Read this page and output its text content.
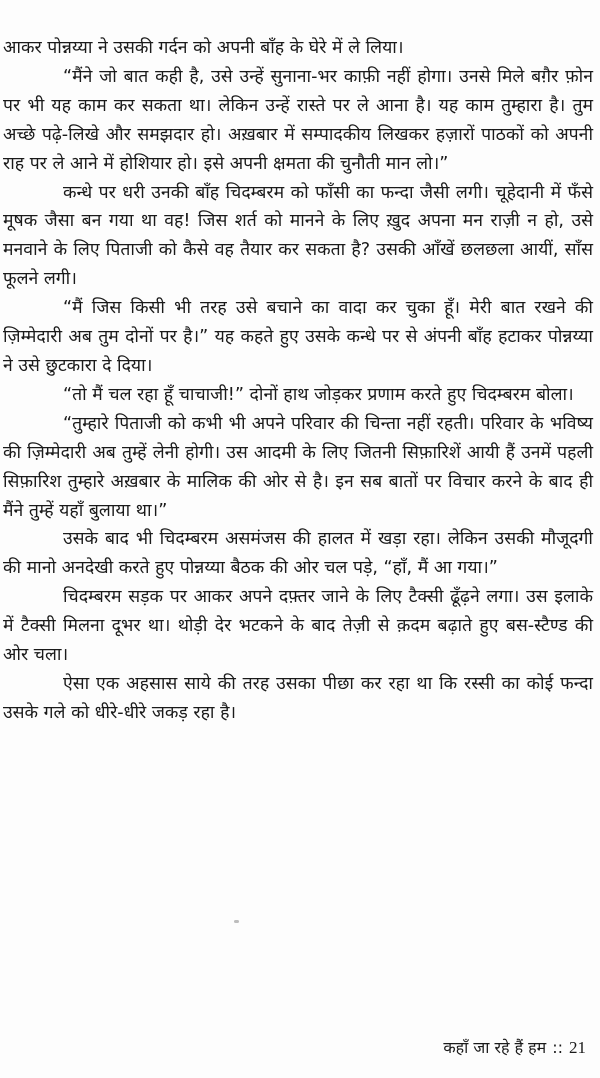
आकर पोन्नय्या ने उसकी गर्दन को अपनी बाँह के घेरे में ले लिया।

“मैंने जो बात कही है, उसे उन्हें सुनाना-भर काफ़ी नहीं होगा। उनसे मिले बग़ैर फ़ोन पर भी यह काम कर सकता था। लेकिन उन्हें रास्ते पर ले आना है। यह काम तुम्हारा है। तुम अच्छे पढ़े-लिखे और समझदार हो। अख़बार में सम्पादकीय लिखकर हज़ारों पाठकों को अपनी राह पर ले आने में होशियार हो। इसे अपनी क्षमता की चुनौती मान लो।”

कन्धे पर धरी उनकी बाँह चिदम्बरम को फाँसी का फन्दा जैसी लगी। चूहेदानी में फँसे मूषक जैसा बन गया था वह! जिस शर्त को मानने के लिए ख़ुद अपना मन राज़ी न हो, उसे मनवाने के लिए पिताजी को कैसे वह तैयार कर सकता है? उसकी आँखें छलछला आयीं, साँस फूलने लगी।

“मैं जिस किसी भी तरह उसे बचाने का वादा कर चुका हूँ। मेरी बात रखने की ज़िम्मेदारी अब तुम दोनों पर है।” यह कहते हुए उसके कन्धे पर से अंपनी बाँह हटाकर पोन्नय्या ने उसे छुटकारा दे दिया।

“तो मैं चल रहा हूँ चाचाजी!” दोनों हाथ जोड़कर प्रणाम करते हुए चिदम्बरम बोला।

“तुम्हारे पिताजी को कभी भी अपने परिवार की चिन्ता नहीं रहती। परिवार के भविष्य की ज़िम्मेदारी अब तुम्हें लेनी होगी। उस आदमी के लिए जितनी सिफ़ारिशें आयी हैं उनमें पहली सिफ़ारिश तुम्हारे अख़बार के मालिक की ओर से है। इन सब बातों पर विचार करने के बाद ही मैंने तुम्हें यहाँ बुलाया था।”

उसके बाद भी चिदम्बरम असमंजस की हालत में खड़ा रहा। लेकिन उसकी मौजूदगी की मानो अनदेखी करते हुए पोन्नय्या बैठक की ओर चल पड़े, “हाँ, मैं आ गया।”

चिदम्बरम सड़क पर आकर अपने दफ़्तर जाने के लिए टैक्सी ढूँढ़ने लगा। उस इलाके में टैक्सी मिलना दूभर था। थोड़ी देर भटकने के बाद तेज़ी से क़दम बढ़ाते हुए बस-स्टैण्ड की ओर चला।

ऐसा एक अहसास साये की तरह उसका पीछा कर रहा था कि रस्सी का कोई फन्दा उसके गले को धीरे-धीरे जकड़ रहा है।

कहाँ जा रहे हैं हम :: 21
